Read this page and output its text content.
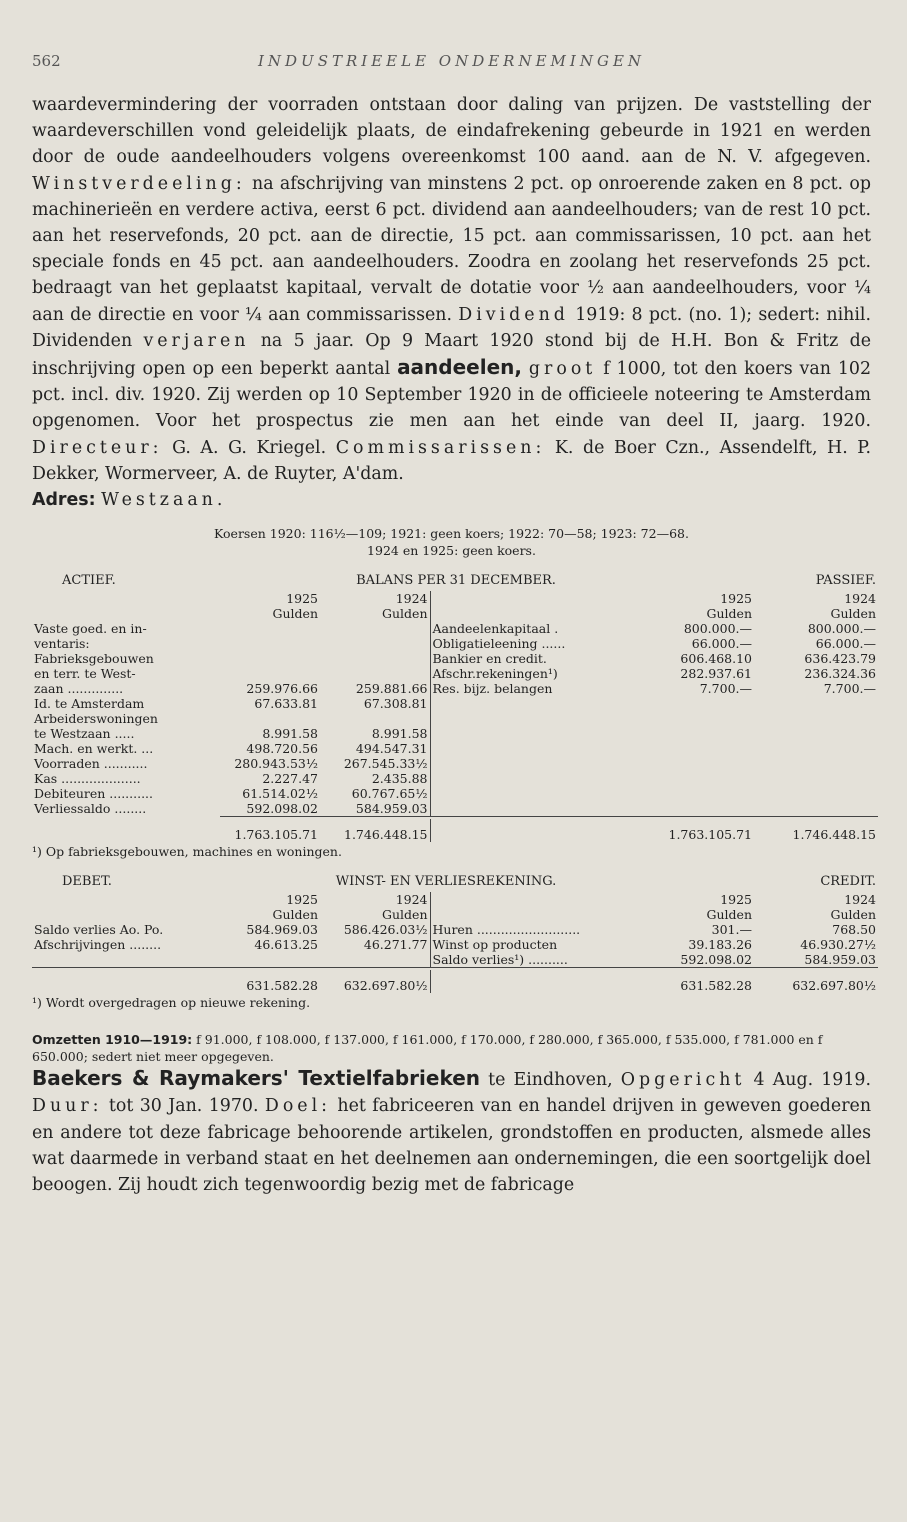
562	INDUSTRIEELE ONDERNEMINGEN

waardevermindering der voorraden ontstaan door daling van prijzen. De vaststelling der waardeverschillen vond geleidelijk plaats, de eindafrekening gebeurde in 1921 en werden door de oude aandeelhouders volgens overeenkomst 100 aand. aan de N. V. afgegeven. Winstverdeeling: na afschrijving van minstens 2 pct. op onroerende zaken en 8 pct. op machinerieën en verdere activa, eerst 6 pct. dividend aan aandeelhouders; van de rest 10 pct. aan het reservefonds, 20 pct. aan de directie, 15 pct. aan commissarissen, 10 pct. aan het speciale fonds en 45 pct. aan aandeelhouders. Zoodra en zoolang het reservefonds 25 pct. bedraagt van het geplaatst kapitaal, vervalt de dotatie voor ½ aan aandeelhouders, voor ¼ aan de directie en voor ¼ aan commissarissen. Dividend 1919: 8 pct. (no. 1); sedert: nihil. Dividenden verjaren na 5 jaar. Op 9 Maart 1920 stond bij de H.H. Bon & Fritz de inschrijving open op een beperkt aantal aandeelen, groot f 1000, tot den koers van 102 pct. incl. div. 1920. Zij werden op 10 September 1920 in de officieele noteering te Amsterdam opgenomen. Voor het prospectus zie men aan het einde van deel II, jaarg. 1920. Directeur: G. A. G. Kriegel. Commissarissen: K. de Boer Czn., Assendelft, H. P. Dekker, Wormerveer, A. de Ruyter, A'dam.
Adres: Westzaan.

Koersen 1920: 116½—109; 1921: geen koers; 1922: 70—58; 1923: 72—68.
1924 en 1925: geen koers.
ACTIEF.	BALANS PER 31 DECEMBER.				PASSIEF.
	1925	1924		1925	1924
	Gulden	Gulden		Gulden	Gulden
Vaste goed. en in-			Aandeelenkapitaal .	800.000.—	800.000.—
ventaris:			Obligatieleening ......	66.000.—	66.000.—
Fabrieksgebouwen			Bankier en credit.	606.468.10	636.423.79
en terr. te West-			Afschr.rekeningen¹)	282.937.61	236.324.36
zaan ..............	259.976.66	259.881.66	Res. bijz. belangen	7.700.—	7.700.—
Id. te Amsterdam	67.633.81	67.308.81			
Arbeiderswoningen					
te Westzaan .....	8.991.58	8.991.58			
Mach. en werkt. ...	498.720.56	494.547.31			
Voorraden ...........	280.943.53½	267.545.33½			
Kas ....................	2.227.47	2.435.88			
Debiteuren ...........	61.514.02½	60.767.65½			
Verliessaldo ........	592.098.02	584.959.03			
	1.763.105.71	1.746.448.15		1.763.105.71	1.746.448.15
¹) Op fabrieksgebouwen, machines en woningen.
DEBET.	WINST- EN VERLIESREKENING.				CREDIT.
	1925	1924		1925	1924
	Gulden	Gulden		Gulden	Gulden
Saldo verlies Ao. Po.	584.969.03	586.426.03½	Huren ..........................	301.—	768.50
Afschrijvingen ........	46.613.25	46.271.77	Winst op producten	39.183.26	46.930.27½
			Saldo verlies¹) ..........	592.098.02	584.959.03
	631.582.28	632.697.80½		631.582.28	632.697.80½
¹) Wordt overgedragen op nieuwe rekening.
Omzetten 1910—1919: f 91.000, f 108.000, f 137.000, f 161.000, f 170.000, f 280.000, f 365.000, f 535.000, f 781.000 en f 650.000; sedert niet meer opgegeven.

Baekers & Raymakers' Textielfabrieken te Eindhoven, Opgericht 4 Aug. 1919. Duur: tot 30 Jan. 1970. Doel: het fabriceeren van en handel drijven in geweven goederen en andere tot deze fabricage behoorende artikelen, grondstoffen en producten, alsmede alles wat daarmede in verband staat en het deelnemen aan ondernemingen, die een soortgelijk doel beoogen. Zij houdt zich tegenwoordig bezig met de fabricage
